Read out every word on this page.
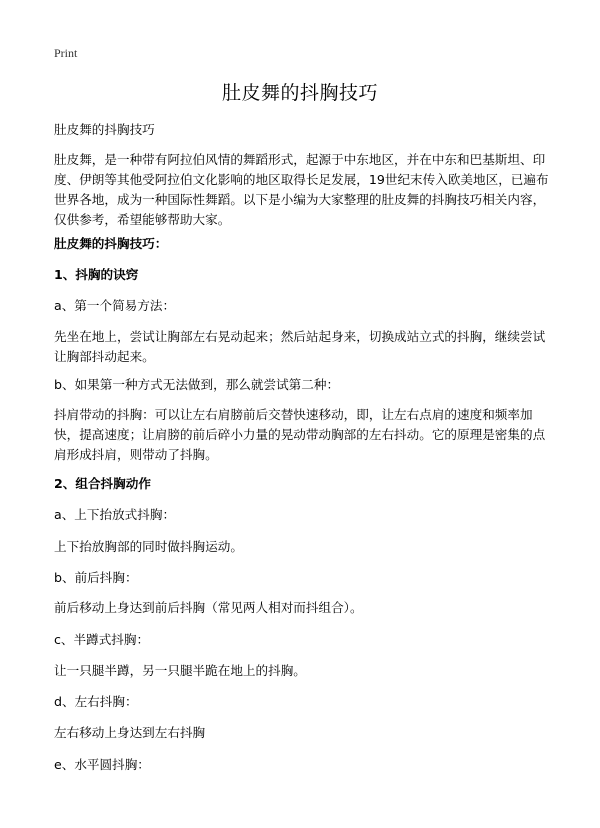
Print
肚皮舞的抖胸技巧

肚皮舞的抖胸技巧

肚皮舞，是一种带有阿拉伯风情的舞蹈形式，起源于中东地区，并在中东和巴基斯坦、印度、伊朗等其他受阿拉伯文化影响的地区取得长足发展，19世纪末传入欧美地区，已遍布世界各地，成为一种国际性舞蹈。以下是小编为大家整理的肚皮舞的抖胸技巧相关内容，仅供参考，希望能够帮助大家。

肚皮舞的抖胸技巧：

1、抖胸的诀窍

a、第一个简易方法：

先坐在地上，尝试让胸部左右晃动起来；然后站起身来，切换成站立式的抖胸，继续尝试让胸部抖动起来。

b、如果第一种方式无法做到，那么就尝试第二种：

抖肩带动的抖胸：可以让左右肩膀前后交替快速移动，即，让左右点肩的速度和频率加快，提高速度；让肩膀的前后碎小力量的晃动带动胸部的左右抖动。它的原理是密集的点肩形成抖肩，则带动了抖胸。

2、组合抖胸动作

a、上下抬放式抖胸：

上下抬放胸部的同时做抖胸运动。

b、前后抖胸：

前后移动上身达到前后抖胸（常见两人相对而抖组合）。

c、半蹲式抖胸：

让一只腿半蹲，另一只腿半跪在地上的抖胸。

d、左右抖胸：

左右移动上身达到左右抖胸

e、水平圆抖胸：
